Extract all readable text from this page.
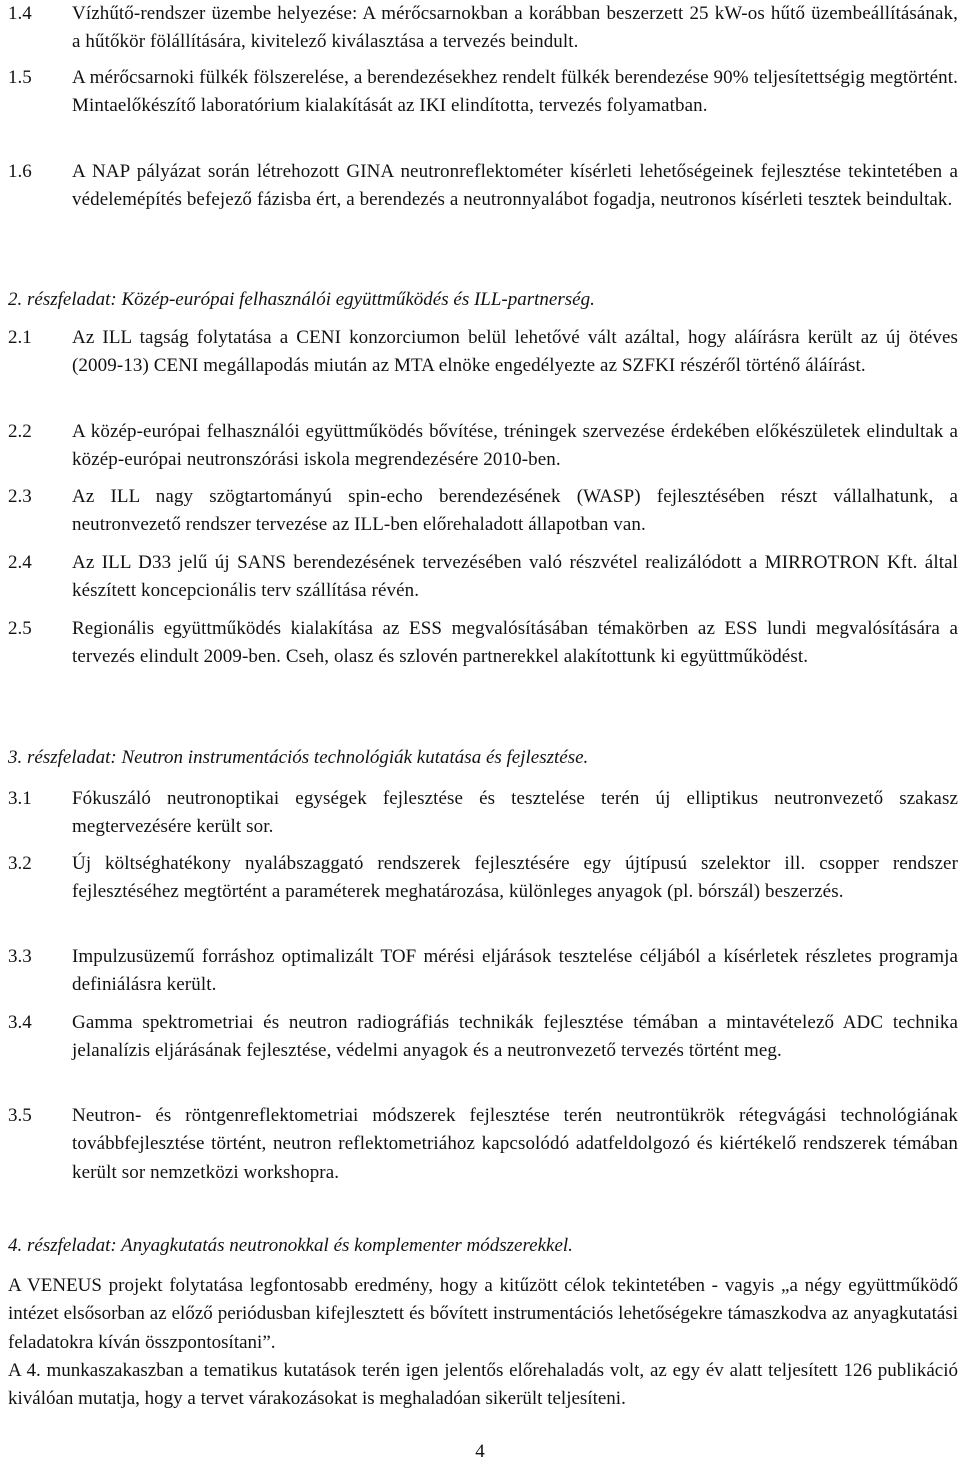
1.4	Vízhűtő-rendszer üzembe helyezése: A mérőcsarnokban a korábban beszerzett 25 kW-os hűtő üzembeállításának, a hűtőkör fölállítására, kivitelező kiválasztása a tervezés beindult.
1.5	A mérőcsarnoki fülkék fölszerelése, a berendezésekhez rendelt fülkék berendezése 90% teljesítettségig megtörtént. Mintaelőkészítő laboratórium kialakítását az IKI elindította, tervezés folyamatban.
1.6	A NAP pályázat során létrehozott GINA neutronreflektométer kísérleti lehetőségeinek fejlesztése tekintetében a védelemépítés befejező fázisba ért, a berendezés a neutronnyalábot fogadja, neutronos kísérleti tesztek beindultak.
2. részfeladat: Közép-európai felhasználói együttműködés és ILL-partnerség.
2.1	Az ILL tagság folytatása a CENI konzorciumon belül lehetővé vált azáltal, hogy aláírásra került az új ötéves (2009-13) CENI megállapodás miután az MTA elnöke engedélyezte az SZFKI részéről történő áláírást.
2.2	A közép-európai felhasználói együttműködés bővítése, tréningek szervezése érdekében előkészületek elindultak a közép-európai neutronszórási iskola megrendezésére 2010-ben.
2.3	Az ILL nagy szögtartományú spin-echo berendezésének (WASP) fejlesztésében részt vállalhatunk, a neutronvezető rendszer tervezése az ILL-ben előrehaladott állapotban van.
2.4	Az ILL D33 jelű új SANS berendezésének tervezésében való részvétel realizálódott a MIRROTRON Kft. által készített koncepcionális terv szállítása révén.
2.5	Regionális együttműködés kialakítása az ESS megvalósításában témakörben az ESS lundi megvalósítására a tervezés elindult 2009-ben. Cseh, olasz és szlovén partnerekkel alakítottunk ki együttműködést.
3. részfeladat: Neutron instrumentációs technológiák kutatása és fejlesztése.
3.1	Fókuszáló neutronoptikai egységek fejlesztése és tesztelése terén új elliptikus neutronvezető szakasz megtervezésére került sor.
3.2	Új költséghatékony nyalábszaggató rendszerek fejlesztésére egy újtípusú szelektor ill. csopper rendszer fejlesztéséhez megtörtént a paraméterek meghatározása, különleges anyagok (pl. bórszál) beszerzés.
3.3	Impulzusüzemű forráshoz optimalizált TOF mérési eljárások tesztelése céljából a kísérletek részletes programja definiálásra került.
3.4	Gamma spektrometriai és neutron radiográfiás technikák fejlesztése témában a mintavételező ADC technika jelanalízis eljárásának fejlesztése, védelmi anyagok és a neutronvezető tervezés történt meg.
3.5	Neutron- és röntgenreflektometriai módszerek fejlesztése terén neutrontükrök rétegvágási technológiának továbbfejlesztése történt, neutron reflektometriához kapcsolódó adatfeldolgozó és kiértékelő rendszerek témában került sor nemzetközi workshopra.
4. részfeladat: Anyagkutatás neutronokkal és komplementer módszerekkel.
A VENEUS projekt folytatása legfontosabb eredmény, hogy a kitűzött célok tekintetében - vagyis „a négy együttműködő intézet elsősorban az előző periódusban kifejlesztett és bővített instrumentációs lehetőségekre támaszkodva az anyagkutatási feladatokra kíván összpontosítani”.
A 4. munkaszakaszban a tematikus kutatások terén igen jelentős előrehaladás volt, az egy év alatt teljesített 126 publikáció kiválóan mutatja, hogy a tervet várakozásokat is meghaladóan sikerült teljesíteni.
4
